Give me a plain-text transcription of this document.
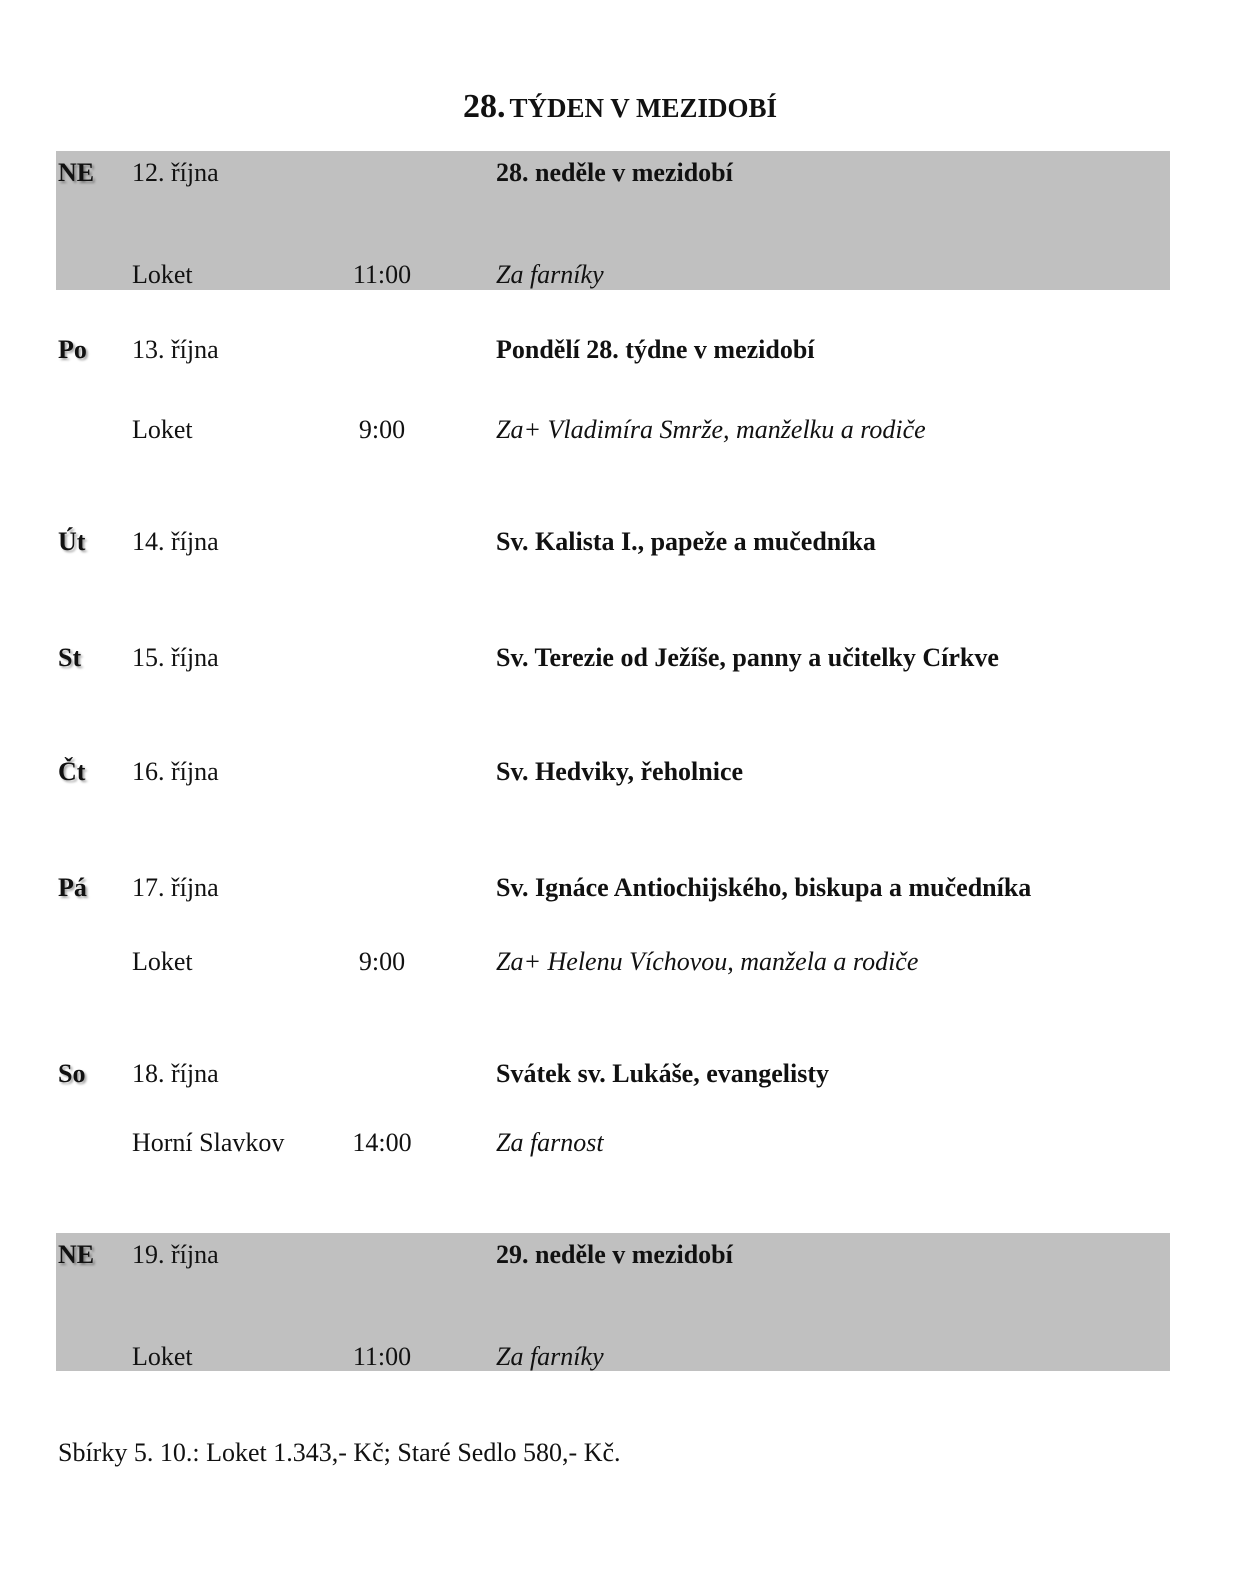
28. TÝDEN V MEZIDOBÍ
NE 12. října	28. neděle v mezidobí
Loket	11:00	Za farníky
Po 13. října	Pondělí 28. týdne v mezidobí
Loket	9:00	Za+ Vladimíra Smrže, manželku a rodiče
Út 14. října	Sv. Kalista I., papeže a mučedníka
St 15. října	Sv. Terezie od Ježíše, panny a učitelky Církve
Čt 16. října	Sv. Hedviky, řeholnice
Pá 17. října	Sv. Ignáce Antiochijského, biskupa a mučedníka
Loket	9:00	Za+ Helenu Víchovou, manžela a rodiče
So 18. října	Svátek sv. Lukáše, evangelisty
Horní Slavkov	14:00	Za farnost
NE 19. října	29. neděle v mezidobí
Loket	11:00	Za farníky
Sbírky 5. 10.: Loket 1.343,- Kč; Staré Sedlo 580,- Kč.
